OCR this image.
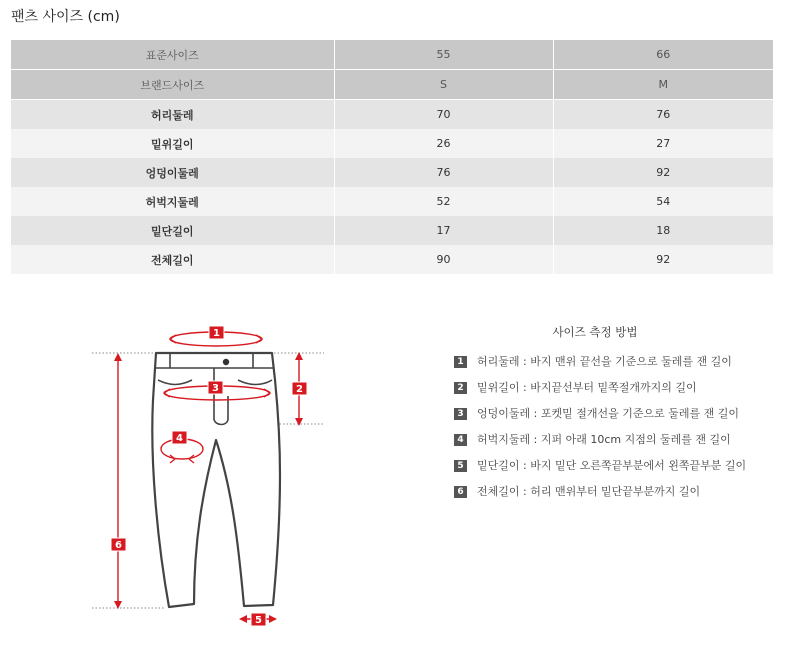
팬츠 사이즈 (cm)
표준사이즈	55	66
브랜드사이즈	S	M
허리둘레	70	76
밑위길이	26	27
엉덩이둘레	76	92
허벅지둘레	52	54
밑단길이	17	18
전체길이	90	92
1
2
3
4
5
6
사이즈 측정 방법
1 허리둘레 : 바지 맨위 끝선을 기준으로 둘레를 잰 길이
2 밑위길이 : 바지끝선부터 밑쪽절개까지의 길이
3 엉덩이둘레 : 포켓밑 절개선을 기준으로 둘레를 잰 길이
4 허벅지둘레 : 지퍼 아래 10cm 지점의 둘레를 잰 길이
5 밑단길이 : 바지 밑단 오른쪽끝부분에서 왼쪽끝부분 길이
6 전체길이 : 허리 맨위부터 밑단끝부분까지 길이
